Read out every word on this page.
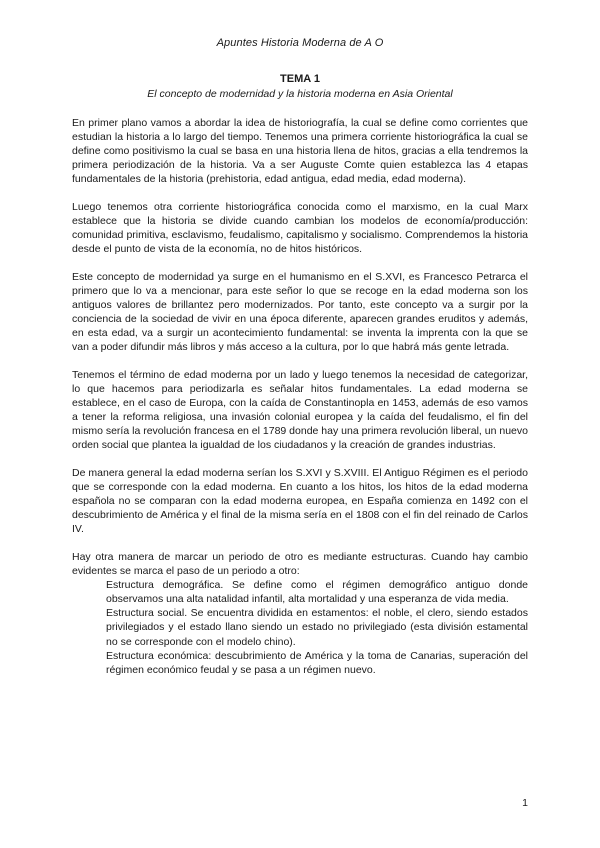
Apuntes Historia Moderna de A O

TEMA 1

El concepto de modernidad y la historia moderna en Asia Oriental

En primer plano vamos a abordar la idea de historiografía, la cual se define como corrientes que estudian la historia a lo largo del tiempo. Tenemos una primera corriente historiográfica la cual se define como positivismo la cual se basa en una historia llena de hitos, gracias a ella tendremos la primera periodización de la historia. Va a ser Auguste Comte quien establezca las 4 etapas fundamentales de la historia (prehistoria, edad antigua, edad media, edad moderna).

Luego tenemos otra corriente historiográfica conocida como el marxismo, en la cual Marx establece que la historia se divide cuando cambian los modelos de economía/producción: comunidad primitiva, esclavismo, feudalismo, capitalismo y socialismo. Comprendemos la historia desde el punto de vista de la economía, no de hitos históricos.

Este concepto de modernidad ya surge en el humanismo en el S.XVI, es Francesco Petrarca el primero que lo va a mencionar, para este señor lo que se recoge en la edad moderna son los antiguos valores de brillantez pero modernizados. Por tanto, este concepto va a surgir por la conciencia de la sociedad de vivir en una época diferente, aparecen grandes eruditos y además, en esta edad, va a surgir un acontecimiento fundamental: se inventa la imprenta con la que se van a poder difundir más libros y más acceso a la cultura, por lo que habrá más gente letrada.

Tenemos el término de edad moderna por un lado y luego tenemos la necesidad de categorizar, lo que hacemos para periodizarla es señalar hitos fundamentales. La edad moderna se establece, en el caso de Europa, con la caída de Constantinopla en 1453, además de eso vamos a tener la reforma religiosa, una invasión colonial europea y la caída del feudalismo, el fin del mismo sería la revolución francesa en el 1789 donde hay una primera revolución liberal, un nuevo orden social que plantea la igualdad de los ciudadanos y la creación de grandes industrias.

De manera general la edad moderna serían los S.XVI y S.XVIII. El Antiguo Régimen es el periodo que se corresponde con la edad moderna. En cuanto a los hitos, los hitos de la edad moderna española no se comparan con la edad moderna europea, en España comienza en 1492 con el descubrimiento de América y el final de la misma sería en el 1808 con el fin del reinado de Carlos IV.

Hay otra manera de marcar un periodo de otro es mediante estructuras. Cuando hay cambio evidentes se marca el paso de un periodo a otro:

Estructura demográfica. Se define como el régimen demográfico antiguo donde observamos una alta natalidad infantil, alta mortalidad y una esperanza de vida media.
Estructura social. Se encuentra dividida en estamentos: el noble, el clero, siendo estados privilegiados y el estado llano siendo un estado no privilegiado (esta división estamental no se corresponde con el modelo chino).
Estructura económica: descubrimiento de América y la toma de Canarias, superación del régimen económico feudal y se pasa a un régimen nuevo.
1
